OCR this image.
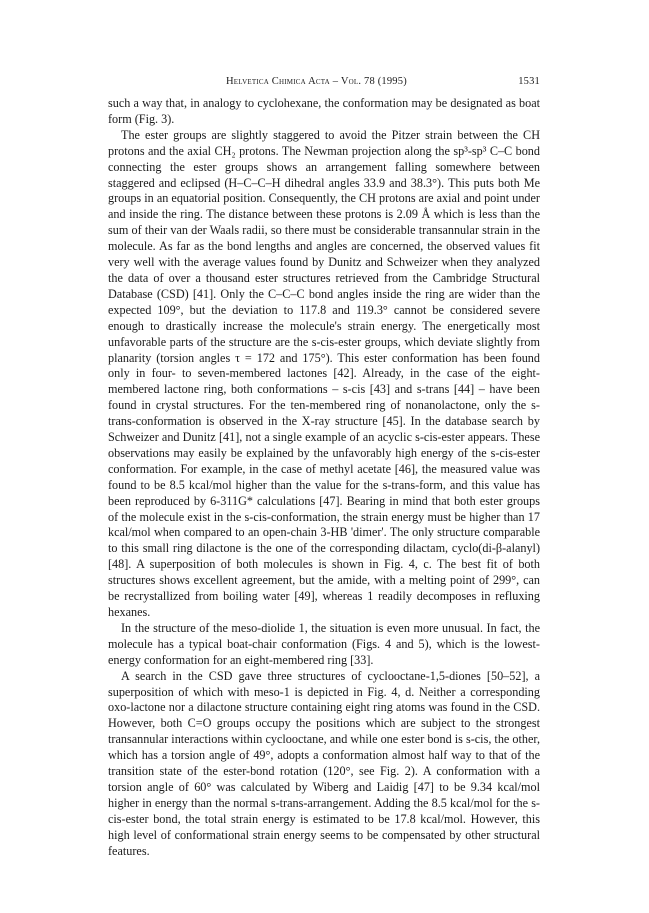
Helvetica Chimica Acta – Vol. 78 (1995)	1531

such a way that, in analogy to cyclohexane, the conformation may be designated as boat form (Fig. 3).

The ester groups are slightly staggered to avoid the Pitzer strain between the CH protons and the axial CH₂ protons. The Newman projection along the sp³-sp³ C–C bond connecting the ester groups shows an arrangement falling somewhere between staggered and eclipsed (H–C–C–H dihedral angles 33.9 and 38.3°). This puts both Me groups in an equatorial position. Consequently, the CH protons are axial and point under and inside the ring. The distance between these protons is 2.09 Å which is less than the sum of their van der Waals radii, so there must be considerable transannular strain in the molecule. As far as the bond lengths and angles are concerned, the observed values fit very well with the average values found by Dunitz and Schweizer when they analyzed the data of over a thousand ester structures retrieved from the Cambridge Structural Database (CSD) [41]. Only the C–C–C bond angles inside the ring are wider than the expected 109°, but the deviation to 117.8 and 119.3° cannot be considered severe enough to drastically increase the molecule's strain energy. The energetically most unfavorable parts of the structure are the s-cis-ester groups, which deviate slightly from planarity (torsion angles τ = 172 and 175°). This ester conformation has been found only in four- to seven-membered lactones [42]. Already, in the case of the eight-membered lactone ring, both conformations – s-cis [43] and s-trans [44] – have been found in crystal structures. For the ten-membered ring of nonanolactone, only the s-trans-conformation is observed in the X-ray structure [45]. In the database search by Schweizer and Dunitz [41], not a single example of an acyclic s-cis-ester appears. These observations may easily be explained by the unfavorably high energy of the s-cis-ester conformation. For example, in the case of methyl acetate [46], the measured value was found to be 8.5 kcal/mol higher than the value for the s-trans-form, and this value has been reproduced by 6-311G* calculations [47]. Bearing in mind that both ester groups of the molecule exist in the s-cis-conformation, the strain energy must be higher than 17 kcal/mol when compared to an open-chain 3-HB 'dimer'. The only structure comparable to this small ring dilactone is the one of the corresponding dilactam, cyclo(di-β-alanyl) [48]. A superposition of both molecules is shown in Fig. 4, c. The best fit of both structures shows excellent agreement, but the amide, with a melting point of 299°, can be recrystallized from boiling water [49], whereas 1 readily decomposes in refluxing hexanes.

In the structure of the meso-diolide 1, the situation is even more unusual. In fact, the molecule has a typical boat-chair conformation (Figs. 4 and 5), which is the lowest-energy conformation for an eight-membered ring [33].

A search in the CSD gave three structures of cyclooctane-1,5-diones [50–52], a superposition of which with meso-1 is depicted in Fig. 4, d. Neither a corresponding oxo-lactone nor a dilactone structure containing eight ring atoms was found in the CSD. However, both C=O groups occupy the positions which are subject to the strongest transannular interactions within cyclooctane, and while one ester bond is s-cis, the other, which has a torsion angle of 49°, adopts a conformation almost half way to that of the transition state of the ester-bond rotation (120°, see Fig. 2). A conformation with a torsion angle of 60° was calculated by Wiberg and Laidig [47] to be 9.34 kcal/mol higher in energy than the normal s-trans-arrangement. Adding the 8.5 kcal/mol for the s-cis-ester bond, the total strain energy is estimated to be 17.8 kcal/mol. However, this high level of conformational strain energy seems to be compensated by other structural features.
